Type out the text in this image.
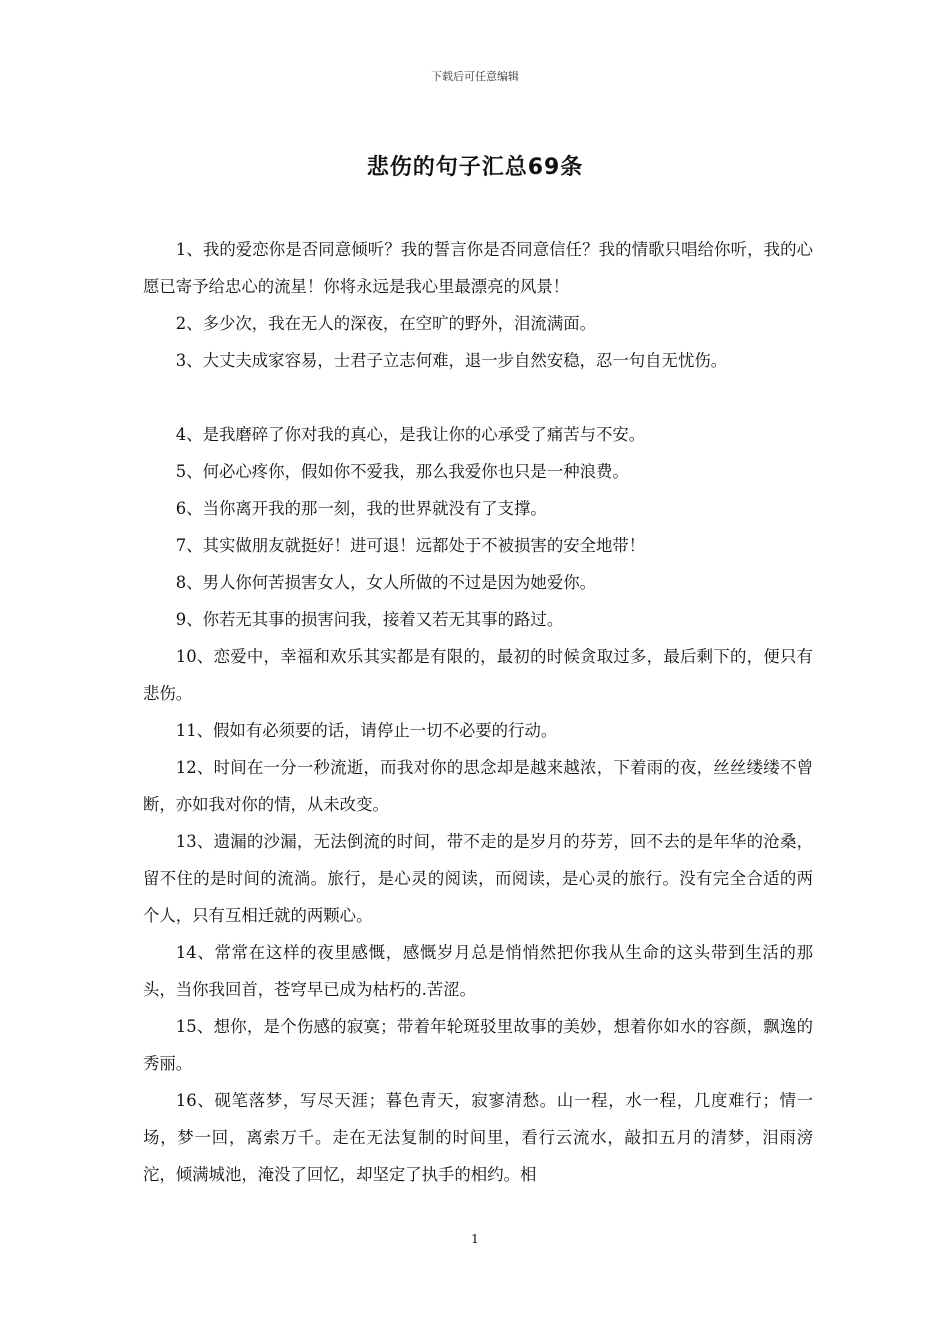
下载后可任意编辑
悲伤的句子汇总69条

1、我的爱恋你是否同意倾听？我的誓言你是否同意信任？我的情歌只唱给你听，我的心愿已寄予给忠心的流星！你将永远是我心里最漂亮的风景！

2、多少次，我在无人的深夜，在空旷的野外，泪流满面。

3、大丈夫成家容易，士君子立志何难，退一步自然安稳，忍一句自无忧伤。

4、是我磨碎了你对我的真心，是我让你的心承受了痛苦与不安。

5、何必心疼你，假如你不爱我，那么我爱你也只是一种浪费。

6、当你离开我的那一刻，我的世界就没有了支撑。

7、其实做朋友就挺好！进可退！远都处于不被损害的安全地带！

8、男人你何苦损害女人，女人所做的不过是因为她爱你。

9、你若无其事的损害问我，接着又若无其事的路过。

10、恋爱中，幸福和欢乐其实都是有限的，最初的时候贪取过多，最后剩下的，便只有悲伤。

11、假如有必须要的话，请停止一切不必要的行动。

12、时间在一分一秒流逝，而我对你的思念却是越来越浓，下着雨的夜，丝丝缕缕不曾断，亦如我对你的情，从未改变。

13、遗漏的沙漏，无法倒流的时间，带不走的是岁月的芬芳，回不去的是年华的沧桑，留不住的是时间的流淌。旅行，是心灵的阅读，而阅读，是心灵的旅行。没有完全合适的两个人，只有互相迁就的两颗心。

14、常常在这样的夜里感慨，感慨岁月总是悄悄然把你我从生命的这头带到生活的那头，当你我回首，苍穹早已成为枯朽的.苦涩。

15、想你，是个伤感的寂寞；带着年轮斑驳里故事的美妙，想着你如水的容颜，飘逸的秀丽。

16、砚笔落梦，写尽天涯；暮色青天，寂寥清愁。山一程，水一程，几度难行；情一场，梦一回，离索万千。走在无法复制的时间里，看行云流水，敲扣五月的清梦，泪雨滂沱，倾满城池，淹没了回忆，却坚定了执手的相约。相

1
